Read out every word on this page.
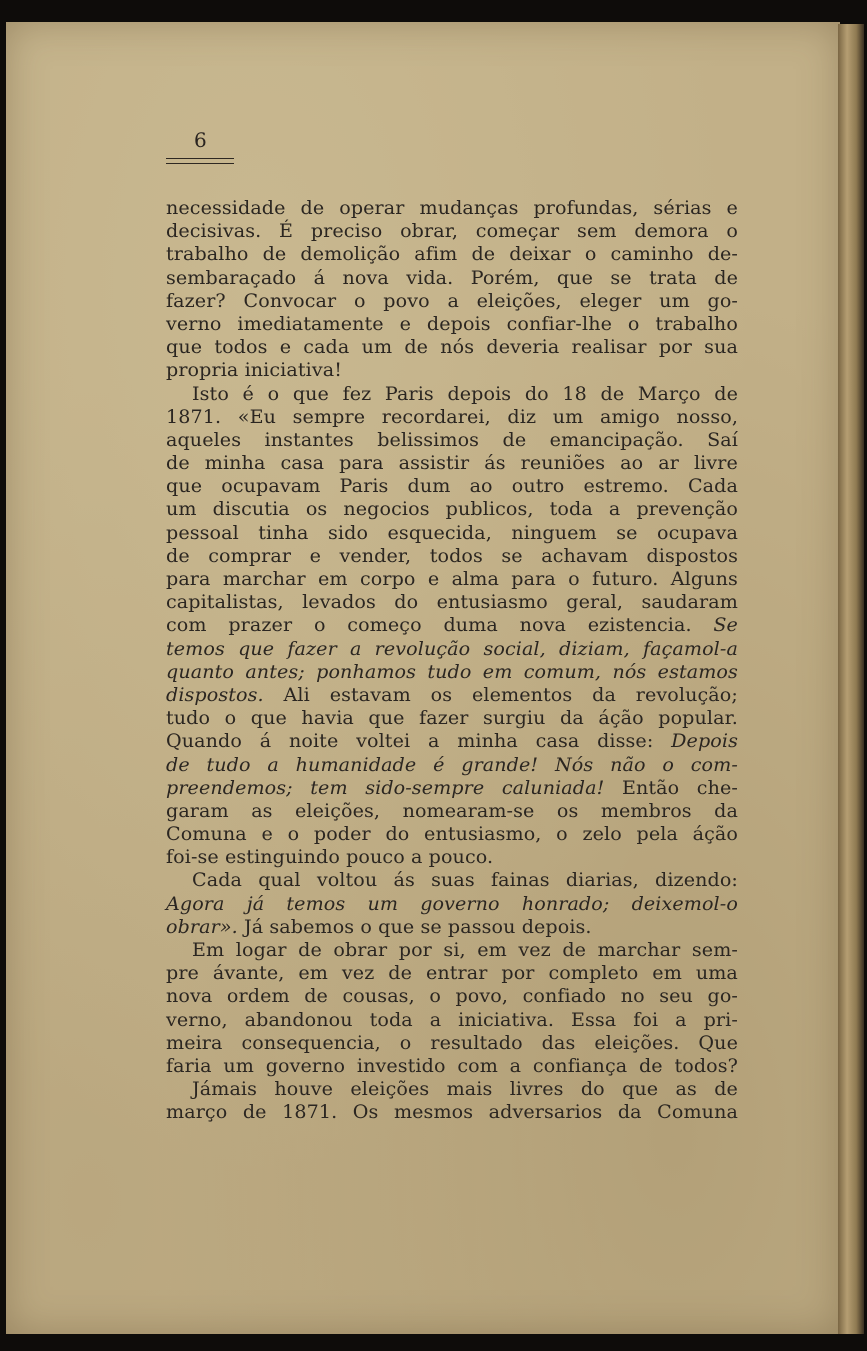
6
necessidade de operar mudanças profundas, sérias e
decisivas. É preciso obrar, começar sem demora o
trabalho de demolição afim de deixar o caminho de-
sembaraçado á nova vida. Porém, que se trata de
fazer? Convocar o povo a eleições, eleger um go-
verno imediatamente e depois confiar-lhe o trabalho
que todos e cada um de nós deveria realisar por sua
propria iniciativa!
Isto é o que fez Paris depois do 18 de Março de
1871. «Eu sempre recordarei, diz um amigo nosso,
aqueles instantes belissimos de emancipação. Saí
de minha casa para assistir ás reuniões ao ar livre
que ocupavam Paris dum ao outro estremo. Cada
um discutia os negocios publicos, toda a prevenção
pessoal tinha sido esquecida, ninguem se ocupava
de comprar e vender, todos se achavam dispostos
para marchar em corpo e alma para o futuro. Alguns
capitalistas, levados do entusiasmo geral, saudaram
com prazer o começo duma nova ezistencia. Se
temos que fazer a revolução social, diziam, façamol-a
quanto antes; ponhamos tudo em comum, nós estamos
dispostos. Ali estavam os elementos da revolução;
tudo o que havia que fazer surgiu da áção popular.
Quando á noite voltei a minha casa disse: Depois
de tudo a humanidade é grande! Nós não o com-
preendemos; tem sido-sempre caluniada! Então che-
garam as eleições, nomearam-se os membros da
Comuna e o poder do entusiasmo, o zelo pela áção
foi-se estinguindo pouco a pouco.
Cada qual voltou ás suas fainas diarias, dizendo:
Agora já temos um governo honrado; deixemol-o
obrar». Já sabemos o que se passou depois.
Em logar de obrar por si, em vez de marchar sem-
pre ávante, em vez de entrar por completo em uma
nova ordem de cousas, o povo, confiado no seu go-
verno, abandonou toda a iniciativa. Essa foi a pri-
meira consequencia, o resultado das eleições. Que
faria um governo investido com a confiança de todos?
Jámais houve eleições mais livres do que as de
março de 1871. Os mesmos adversarios da Comuna
